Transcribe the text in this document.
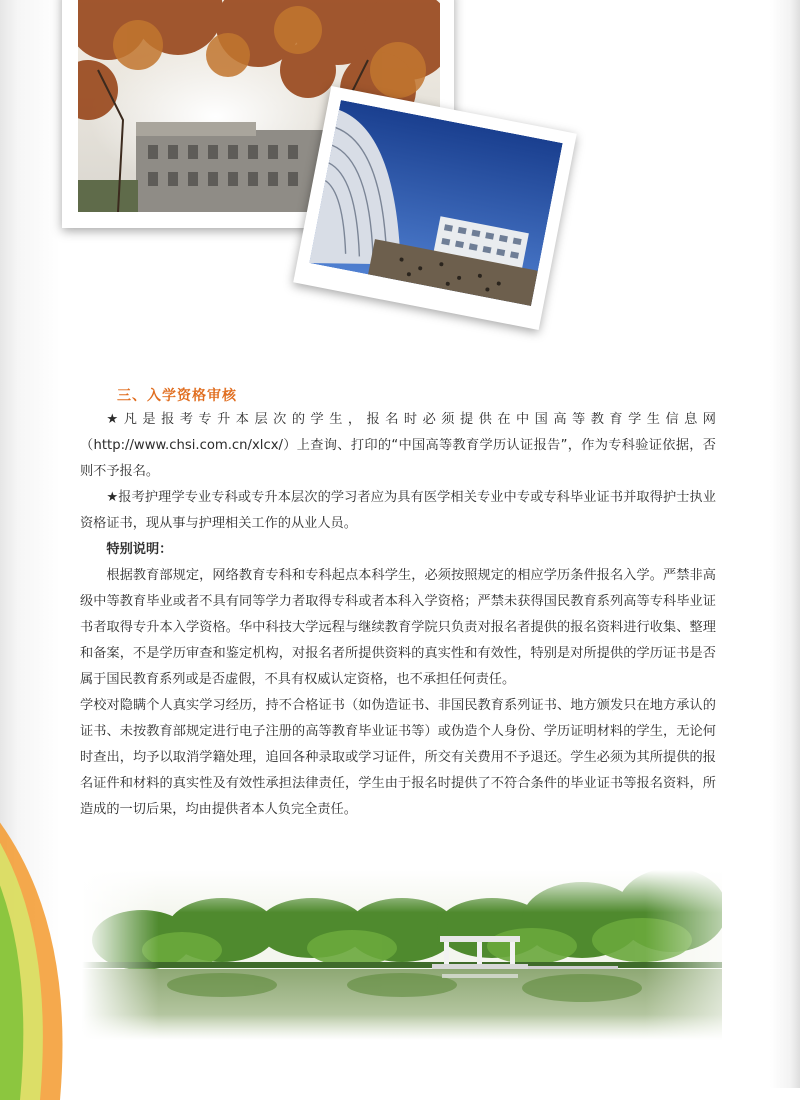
三、入学资格审核

★凡是报考专升本层次的学生，报名时必须提供在中国高等教育学生信息网（http://www.chsi.com.cn/xlcx/）上查询、打印的“中国高等教育学历认证报告”，作为专科验证依据，否则不予报名。

★报考护理学专业专科或专升本层次的学习者应为具有医学相关专业中专或专科毕业证书并取得护士执业资格证书，现从事与护理相关工作的从业人员。

特别说明：

根据教育部规定，网络教育专科和专科起点本科学生，必须按照规定的相应学历条件报名入学。严禁非高级中等教育毕业或者不具有同等学力者取得专科或者本科入学资格；严禁未获得国民教育系列高等专科毕业证书者取得专升本入学资格。华中科技大学远程与继续教育学院只负责对报名者提供的报名资料进行收集、整理和备案，不是学历审查和鉴定机构，对报名者所提供资料的真实性和有效性，特别是对所提供的学历证书是否属于国民教育系列或是否虚假，不具有权威认定资格，也不承担任何责任。

学校对隐瞒个人真实学习经历，持不合格证书（如伪造证书、非国民教育系列证书、地方颁发只在地方承认的证书、未按教育部规定进行电子注册的高等教育毕业证书等）或伪造个人身份、学历证明材料的学生，无论何时查出，均予以取消学籍处理，追回各种录取或学习证件，所交有关费用不予退还。学生必须为其所提供的报名证件和材料的真实性及有效性承担法律责任，学生由于报名时提供了不符合条件的毕业证书等报名资料，所造成的一切后果，均由提供者本人负完全责任。
